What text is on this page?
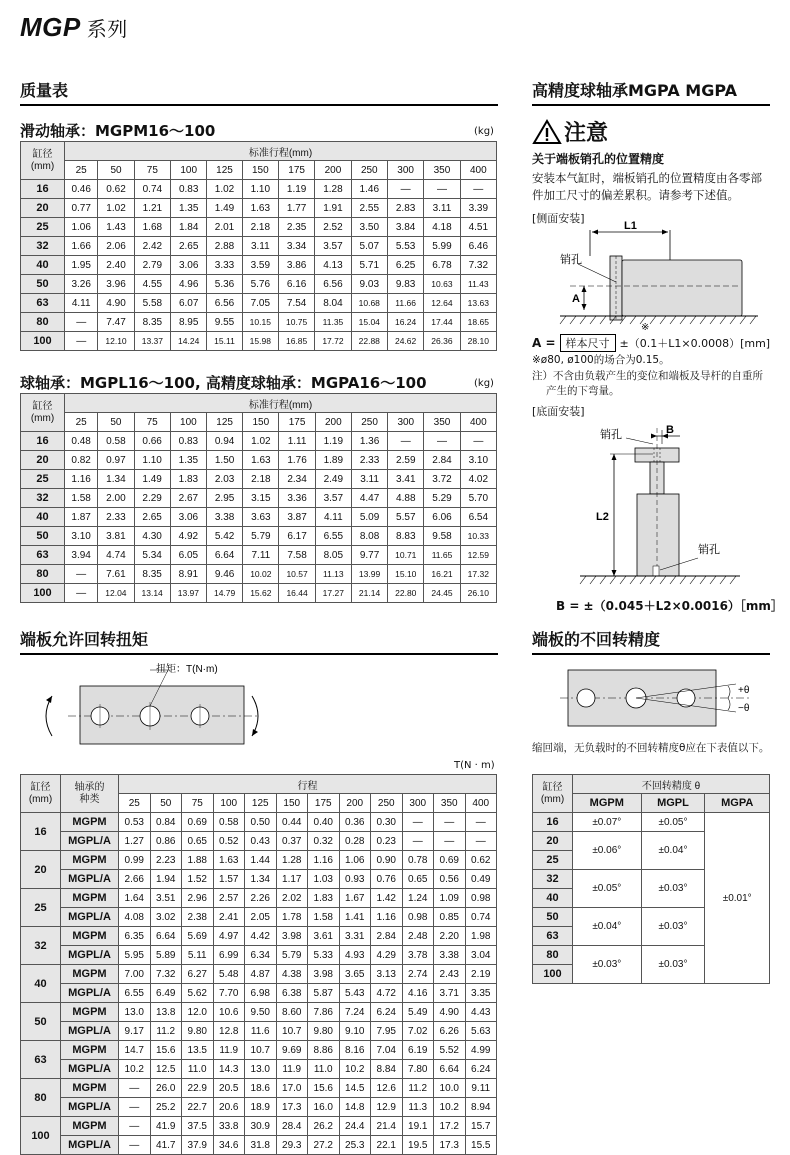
MGP 系列
质量表
滑动轴承：MGPM16～100	(kg)
缸径
(mm)	标准行程(mm)											
	25	50	75	100	125	150	175	200	250	300	350	400
16	0.46	0.62	0.74	0.83	1.02	1.10	1.19	1.28	1.46	—	—	—
20	0.77	1.02	1.21	1.35	1.49	1.63	1.77	1.91	2.55	2.83	3.11	3.39
25	1.06	1.43	1.68	1.84	2.01	2.18	2.35	2.52	3.50	3.84	4.18	4.51
32	1.66	2.06	2.42	2.65	2.88	3.11	3.34	3.57	5.07	5.53	5.99	6.46
40	1.95	2.40	2.79	3.06	3.33	3.59	3.86	4.13	5.71	6.25	6.78	7.32
50	3.26	3.96	4.55	4.96	5.36	5.76	6.16	6.56	9.03	9.83	10.63	11.43
63	4.11	4.90	5.58	6.07	6.56	7.05	7.54	8.04	10.68	11.66	12.64	13.63
80	—	7.47	8.35	8.95	9.55	10.15	10.75	11.35	15.04	16.24	17.44	18.65
100	—	12.10	13.37	14.24	15.11	15.98	16.85	17.72	22.88	24.62	26.36	28.10
球轴承：MGPL16～100, 高精度球轴承：MGPA16～100	(kg)
缸径
(mm)	标准行程(mm)											
	25	50	75	100	125	150	175	200	250	300	350	400
16	0.48	0.58	0.66	0.83	0.94	1.02	1.11	1.19	1.36	—	—	—
20	0.82	0.97	1.10	1.35	1.50	1.63	1.76	1.89	2.33	2.59	2.84	3.10
25	1.16	1.34	1.49	1.83	2.03	2.18	2.34	2.49	3.11	3.41	3.72	4.02
32	1.58	2.00	2.29	2.67	2.95	3.15	3.36	3.57	4.47	4.88	5.29	5.70
40	1.87	2.33	2.65	3.06	3.38	3.63	3.87	4.11	5.09	5.57	6.06	6.54
50	3.10	3.81	4.30	4.92	5.42	5.79	6.17	6.55	8.08	8.83	9.58	10.33
63	3.94	4.74	5.34	6.05	6.64	7.11	7.58	8.05	9.77	10.71	11.65	12.59
80	—	7.61	8.35	8.91	9.46	10.02	10.57	11.13	13.99	15.10	16.21	17.32
100	—	12.04	13.14	13.97	14.79	15.62	16.44	17.27	21.14	22.80	24.45	26.10
高精度球轴承MGPA MGPA
注意
关于端板销孔的位置精度
安装本气缸时，端板销孔的位置精度由各零部
件加工尺寸的偏差累积。请参考下述值。
[侧面安装]
销孔
A
L1
A = 样本尺寸 ±（0.1＋L1×0.0008）[mm]
※
※ø80, ø100的场合为0.15。
注）不含由负载产生的变位和端板及导杆的自重所
产生的下弯量。
[底面安装]
销孔	B
L2
销孔
B = ±（0.045＋L2×0.0016）［mm］
端板允许回转扭矩
扭矩：T(N·m)
T(N · m)
缸径
(mm)	轴承的
种类	行程											
		25	50	75	100	125	150	175	200	250	300	350	400
16	MGPM	0.53	0.84	0.69	0.58	0.50	0.44	0.40	0.36	0.30	—	—	—
	MGPL/A	1.27	0.86	0.65	0.52	0.43	0.37	0.32	0.28	0.23	—	—	—
20	MGPM	0.99	2.23	1.88	1.63	1.44	1.28	1.16	1.06	0.90	0.78	0.69	0.62
	MGPL/A	2.66	1.94	1.52	1.57	1.34	1.17	1.03	0.93	0.76	0.65	0.56	0.49
25	MGPM	1.64	3.51	2.96	2.57	2.26	2.02	1.83	1.67	1.42	1.24	1.09	0.98
	MGPL/A	4.08	3.02	2.38	2.41	2.05	1.78	1.58	1.41	1.16	0.98	0.85	0.74
32	MGPM	6.35	6.64	5.69	4.97	4.42	3.98	3.61	3.31	2.84	2.48	2.20	1.98
	MGPL/A	5.95	5.89	5.11	6.99	6.34	5.79	5.33	4.93	4.29	3.78	3.38	3.04
40	MGPM	7.00	7.32	6.27	5.48	4.87	4.38	3.98	3.65	3.13	2.74	2.43	2.19
	MGPL/A	6.55	6.49	5.62	7.70	6.98	6.38	5.87	5.43	4.72	4.16	3.71	3.35
50	MGPM	13.0	13.8	12.0	10.6	9.50	8.60	7.86	7.24	6.24	5.49	4.90	4.43
	MGPL/A	9.17	11.2	9.80	12.8	11.6	10.7	9.80	9.10	7.95	7.02	6.26	5.63
63	MGPM	14.7	15.6	13.5	11.9	10.7	9.69	8.86	8.16	7.04	6.19	5.52	4.99
	MGPL/A	10.2	12.5	11.0	14.3	13.0	11.9	11.0	10.2	8.84	7.80	6.64	6.24
80	MGPM	—	26.0	22.9	20.5	18.6	17.0	15.6	14.5	12.6	11.2	10.0	9.11
	MGPL/A	—	25.2	22.7	20.6	18.9	17.3	16.0	14.8	12.9	11.3	10.2	8.94
100	MGPM	—	41.9	37.5	33.8	30.9	28.4	26.2	24.4	21.4	19.1	17.2	15.7
	MGPL/A	—	41.7	37.9	34.6	31.8	29.3	27.2	25.3	22.1	19.5	17.3	15.5
端板的不回转精度
+θ
−θ
缩回端，无负载时的不回转精度θ应在下表值以下。
缸径
(mm)	不回转精度 θ		
	MGPM	MGPL	MGPA
16	±0.07°	±0.05°	±0.01°
20	±0.06°	±0.04°	
25			
32	±0.05°	±0.03°	
40			
50	±0.04°	±0.03°	
63			
80	±0.03°	±0.03°	
100			
